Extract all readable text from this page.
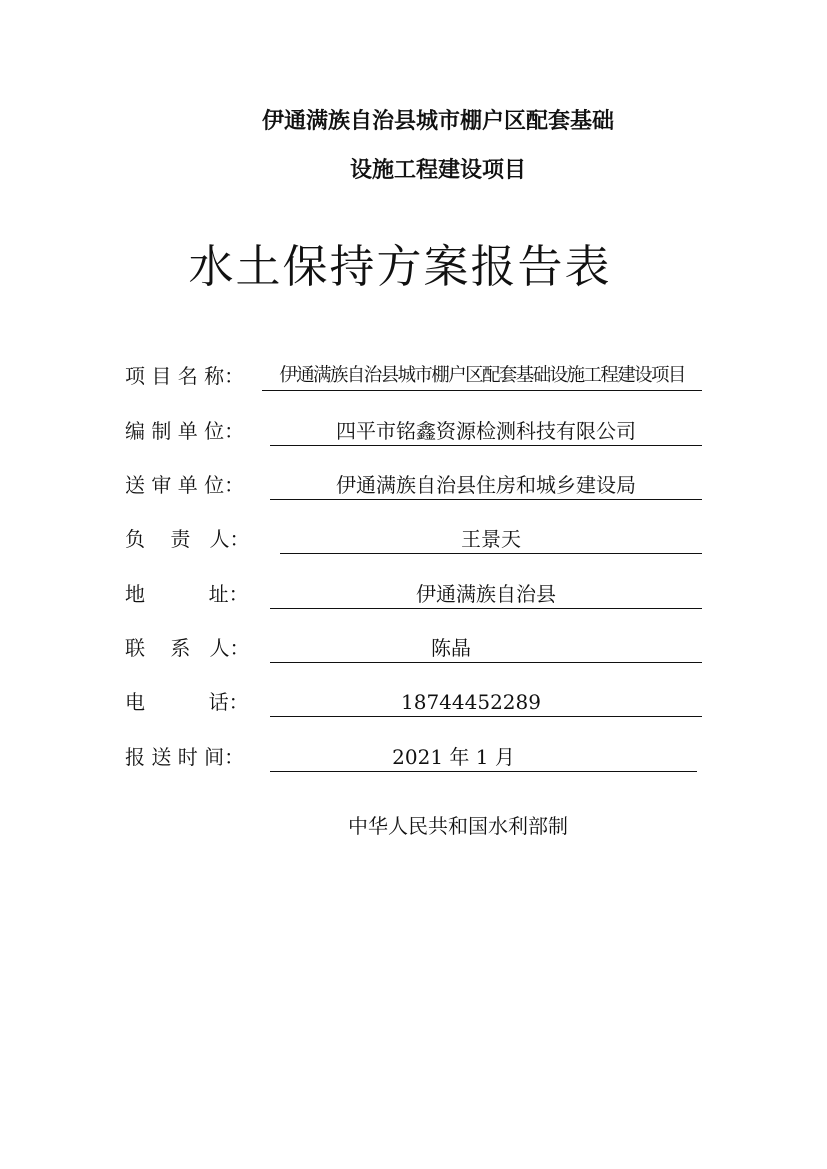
伊通满族自治县城市棚户区配套基础
设施工程建设项目
水土保持方案报告表
项 目 名 称：	伊通满族自治县城市棚户区配套基础设施工程建设项目
编 制 单 位：	四平市铭鑫资源检测科技有限公司
送 审 单 位：	伊通满族自治县住房和城乡建设局
负    责   人：	王景天
地          址：	伊通满族自治县
联    系   人：	陈晶
电          话：	18744452289
报 送 时 间：	2021 年 1 月
中华人民共和国水利部制
